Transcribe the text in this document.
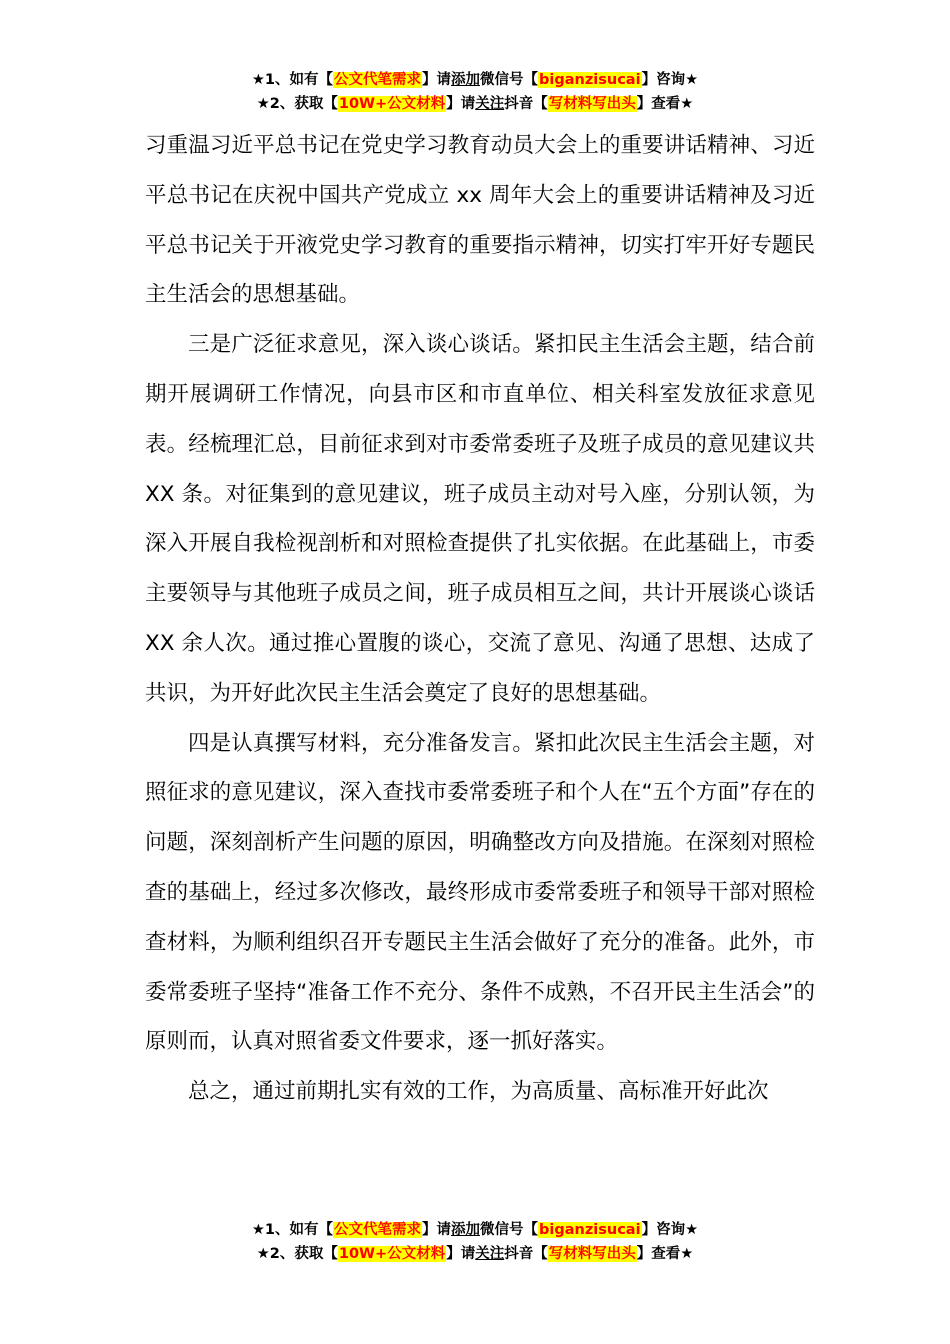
★1、如有【公文代笔需求】请添加微信号【biganzisucai】咨询★
★2、获取【10W+公文材料】请关注抖音【写材料写出头】查看★

习重温习近平总书记在党史学习教育动员大会上的重要讲话精神、习近平总书记在庆祝中国共产党成立 xx 周年大会上的重要讲话精神及习近平总书记关于开液党史学习教育的重要指示精神，切实打牢开好专题民主生活会的思想基础。

三是广泛征求意见，深入谈心谈话。紧扣民主生活会主题，结合前期开展调研工作情况，向县市区和市直单位、相关科室发放征求意见表。经梳理汇总，目前征求到对市委常委班子及班子成员的意见建议共 XX 条。对征集到的意见建议，班子成员主动对号入座，分别认领，为深入开展自我检视剖析和对照检查提供了扎实依据。在此基础上，市委主要领导与其他班子成员之间，班子成员相互之间，共计开展谈心谈话 XX 余人次。通过推心置腹的谈心，交流了意见、沟通了思想、达成了共识，为开好此次民主生活会奠定了良好的思想基础。

四是认真撰写材料，充分准备发言。紧扣此次民主生活会主题，对照征求的意见建议，深入查找市委常委班子和个人在“五个方面”存在的问题，深刻剖析产生问题的原因，明确整改方向及措施。在深刻对照检查的基础上，经过多次修改，最终形成市委常委班子和领导干部对照检查材料，为顺利组织召开专题民主生活会做好了充分的准备。此外，市委常委班子坚持“准备工作不充分、条件不成熟，不召开民主生活会”的原则而，认真对照省委文件要求，逐一抓好落实。

总之，通过前期扎实有效的工作，为高质量、高标准开好此次

★1、如有【公文代笔需求】请添加微信号【biganzisucai】咨询★
★2、获取【10W+公文材料】请关注抖音【写材料写出头】查看★
